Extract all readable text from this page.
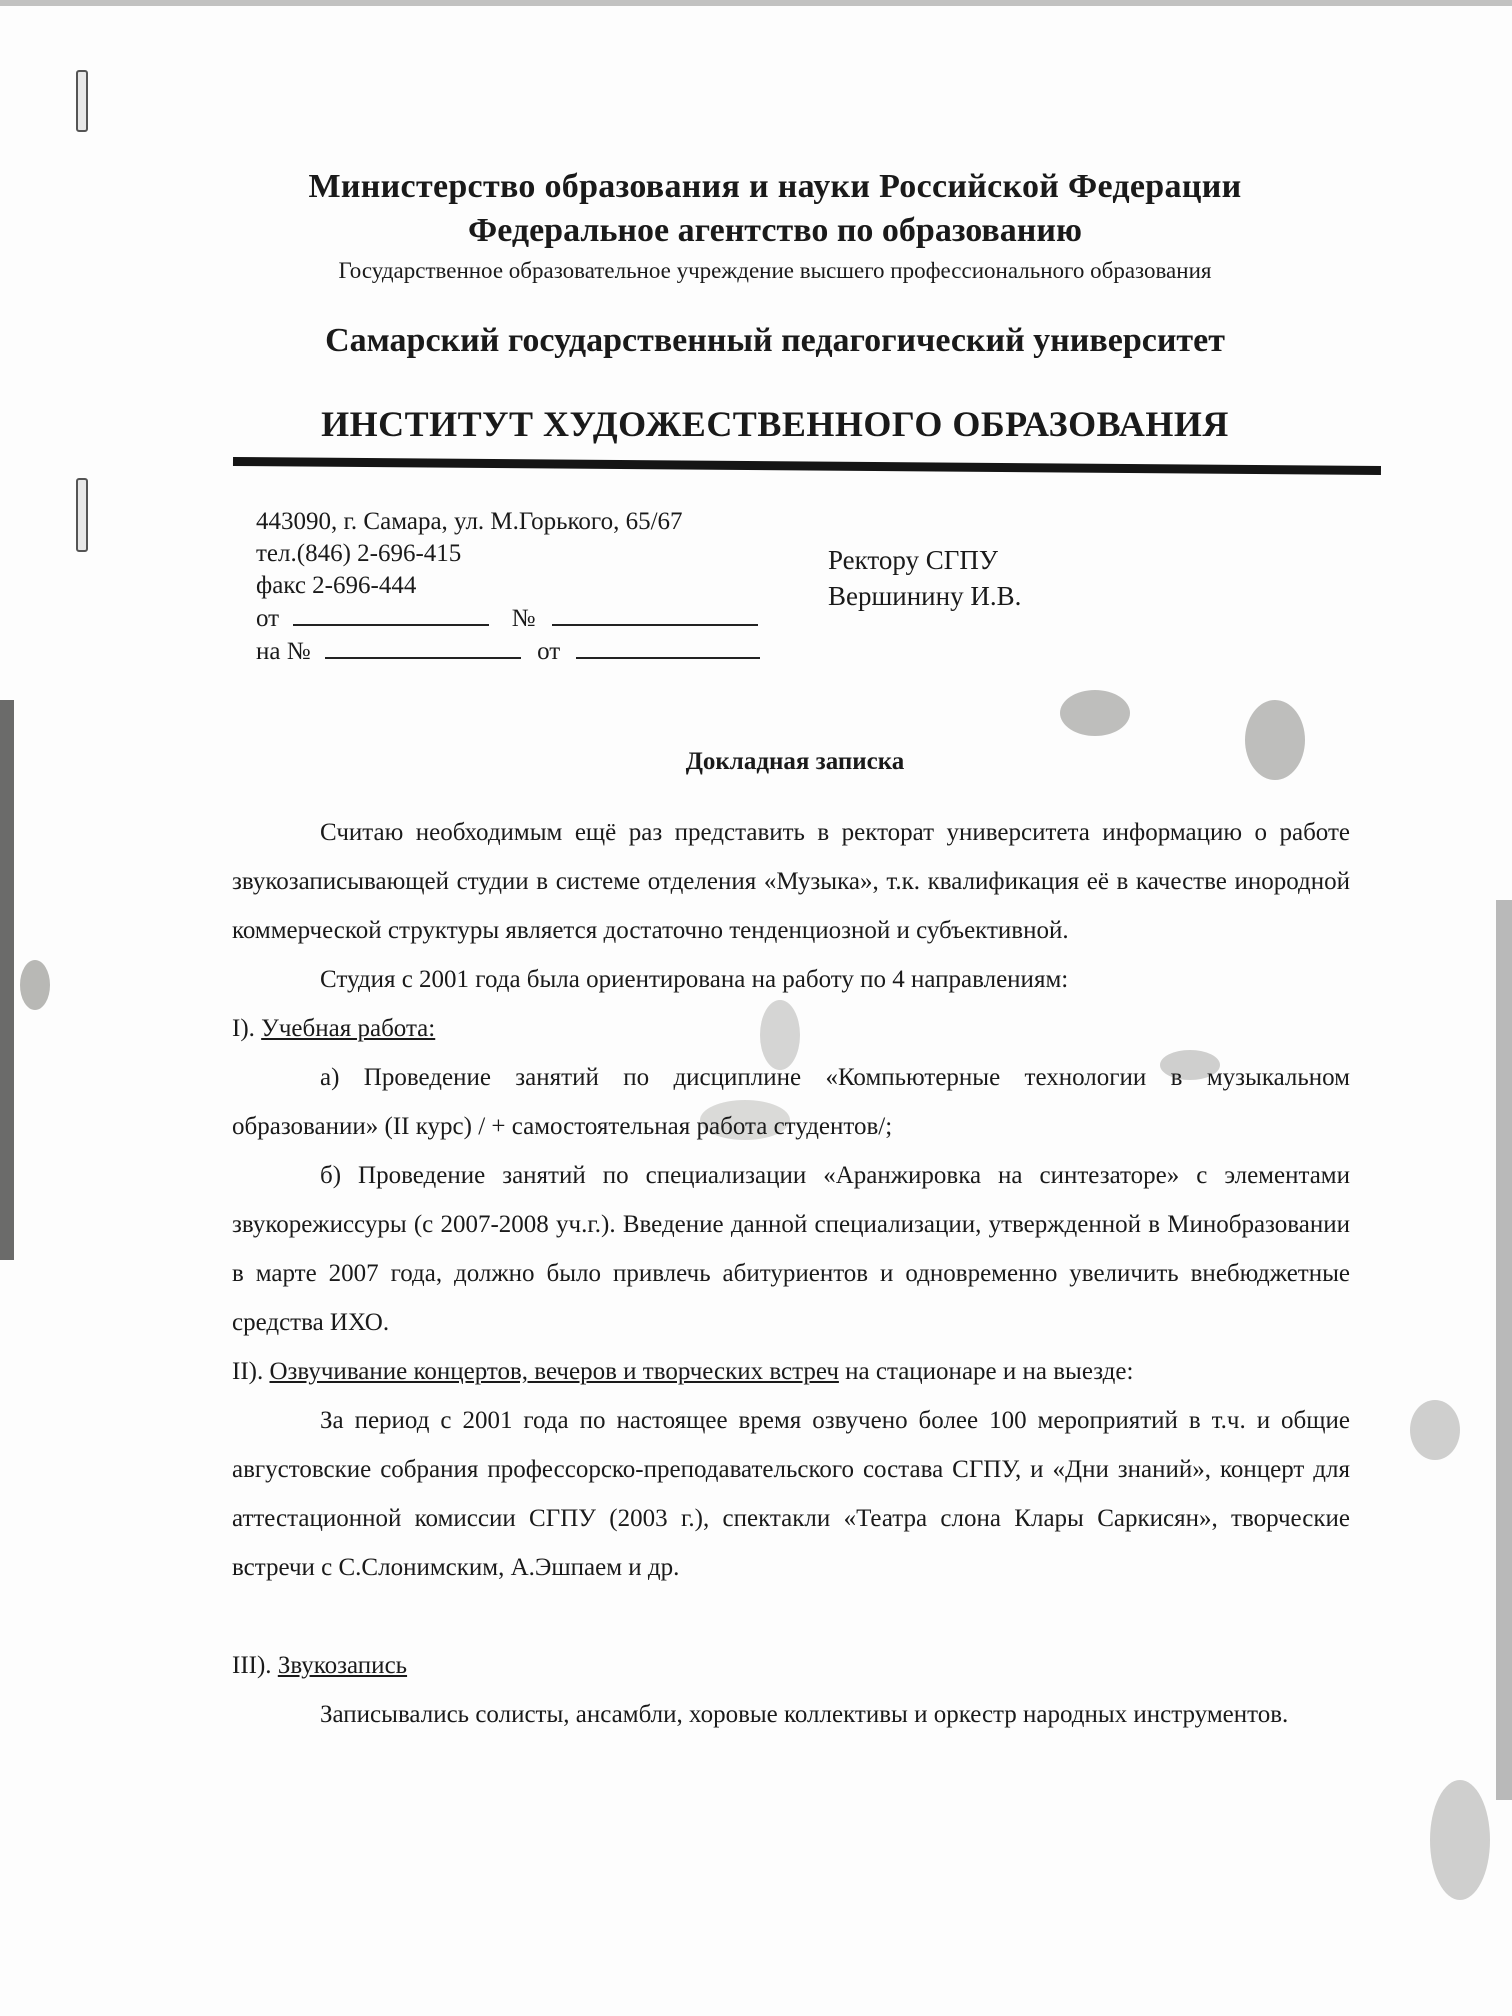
Министерство образования и науки Российской Федерации
Федеральное агентство по образованию
Государственное образовательное учреждение высшего профессионального образования
Самарский государственный педагогический университет
ИНСТИТУТ ХУДОЖЕСТВЕННОГО ОБРАЗОВАНИЯ
443090, г. Самара, ул. М.Горького, 65/67
тел.(846) 2-696-415
факс 2-696-444
от	№
на №	от
Ректору СГПУ
Вершинину И.В.
Докладная записка

Считаю необходимым ещё раз представить в ректорат университета информацию о работе звукозаписывающей студии в системе отделения «Музыка», т.к. квалификация её в качестве инородной коммерческой структуры является достаточно тенденциозной и субъективной.

Студия с 2001 года была ориентирована на работу по 4 направлениям:

I). Учебная работа:

а) Проведение занятий по дисциплине «Компьютерные технологии в музыкальном образовании» (II курс) / + самостоятельная работа студентов/;

б) Проведение занятий по специализации «Аранжировка на синтезаторе» с элементами звукорежиссуры (с 2007-2008 уч.г.). Введение данной специализации, утвержденной в Минобразовании в марте 2007 года, должно было привлечь абитуриентов и одновременно увеличить внебюджетные средства ИХО.

II). Озвучивание концертов, вечеров и творческих встреч на стационаре и на выезде:

За период с 2001 года по настоящее время озвучено более 100 мероприятий в т.ч. и общие августовские собрания профессорско-преподавательского состава СГПУ, и «Дни знаний», концерт для аттестационной комиссии СГПУ (2003 г.), спектакли «Театра слона Клары Саркисян», творческие встречи с С.Слонимским, А.Эшпаем и др.

III). Звукозапись

Записывались солисты, ансамбли, хоровые коллективы и оркестр народных инструментов.
